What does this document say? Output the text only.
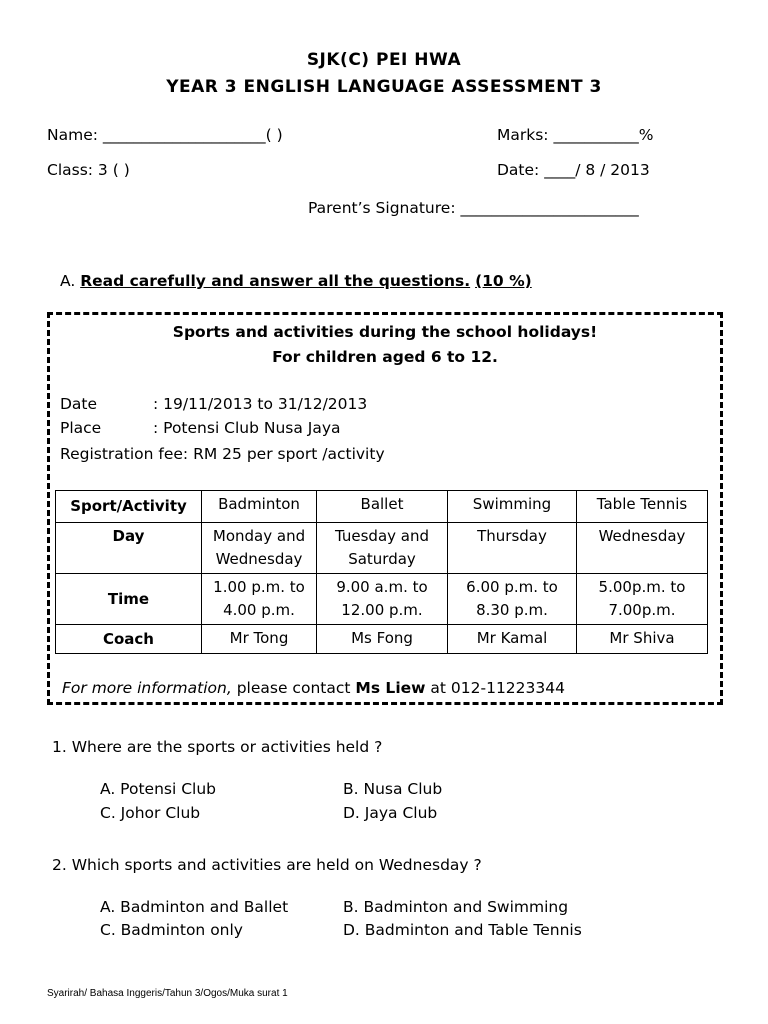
SJK(C) PEI HWA
YEAR 3 ENGLISH LANGUAGE ASSESSMENT 3
Name: _____________________( )	Marks: ___________%
Class: 3 ( )	Date: ____/ 8 / 2013
Parent’s Signature: _______________________
A. Read carefully and answer all the questions. (10 %)
Sports and activities during the school holidays!
For children aged 6 to 12.
Date	: 19/11/2013 to 31/12/2013
Place	: Potensi Club Nusa Jaya
Registration fee: RM 25 per sport /activity
Sport/Activity	Badminton	Ballet	Swimming	Table Tennis
Day	Monday and Wednesday	Tuesday and Saturday	Thursday	Wednesday
Time	1.00 p.m. to 4.00 p.m.	9.00 a.m. to 12.00 p.m.	6.00 p.m. to 8.30 p.m.	5.00p.m. to 7.00p.m.
Coach	Mr Tong	Ms Fong	Mr Kamal	Mr Shiva
For more information, please contact Ms Liew at 012-11223344
1. Where are the sports or activities held ?
A. Potensi Club	B. Nusa Club
C. Johor Club	D. Jaya Club
2. Which sports and activities are held on Wednesday ?
A. Badminton and Ballet	B. Badminton and Swimming
C. Badminton only	D. Badminton and Table Tennis
Syarirah/ Bahasa Inggeris/Tahun 3/Ogos/Muka surat 1
